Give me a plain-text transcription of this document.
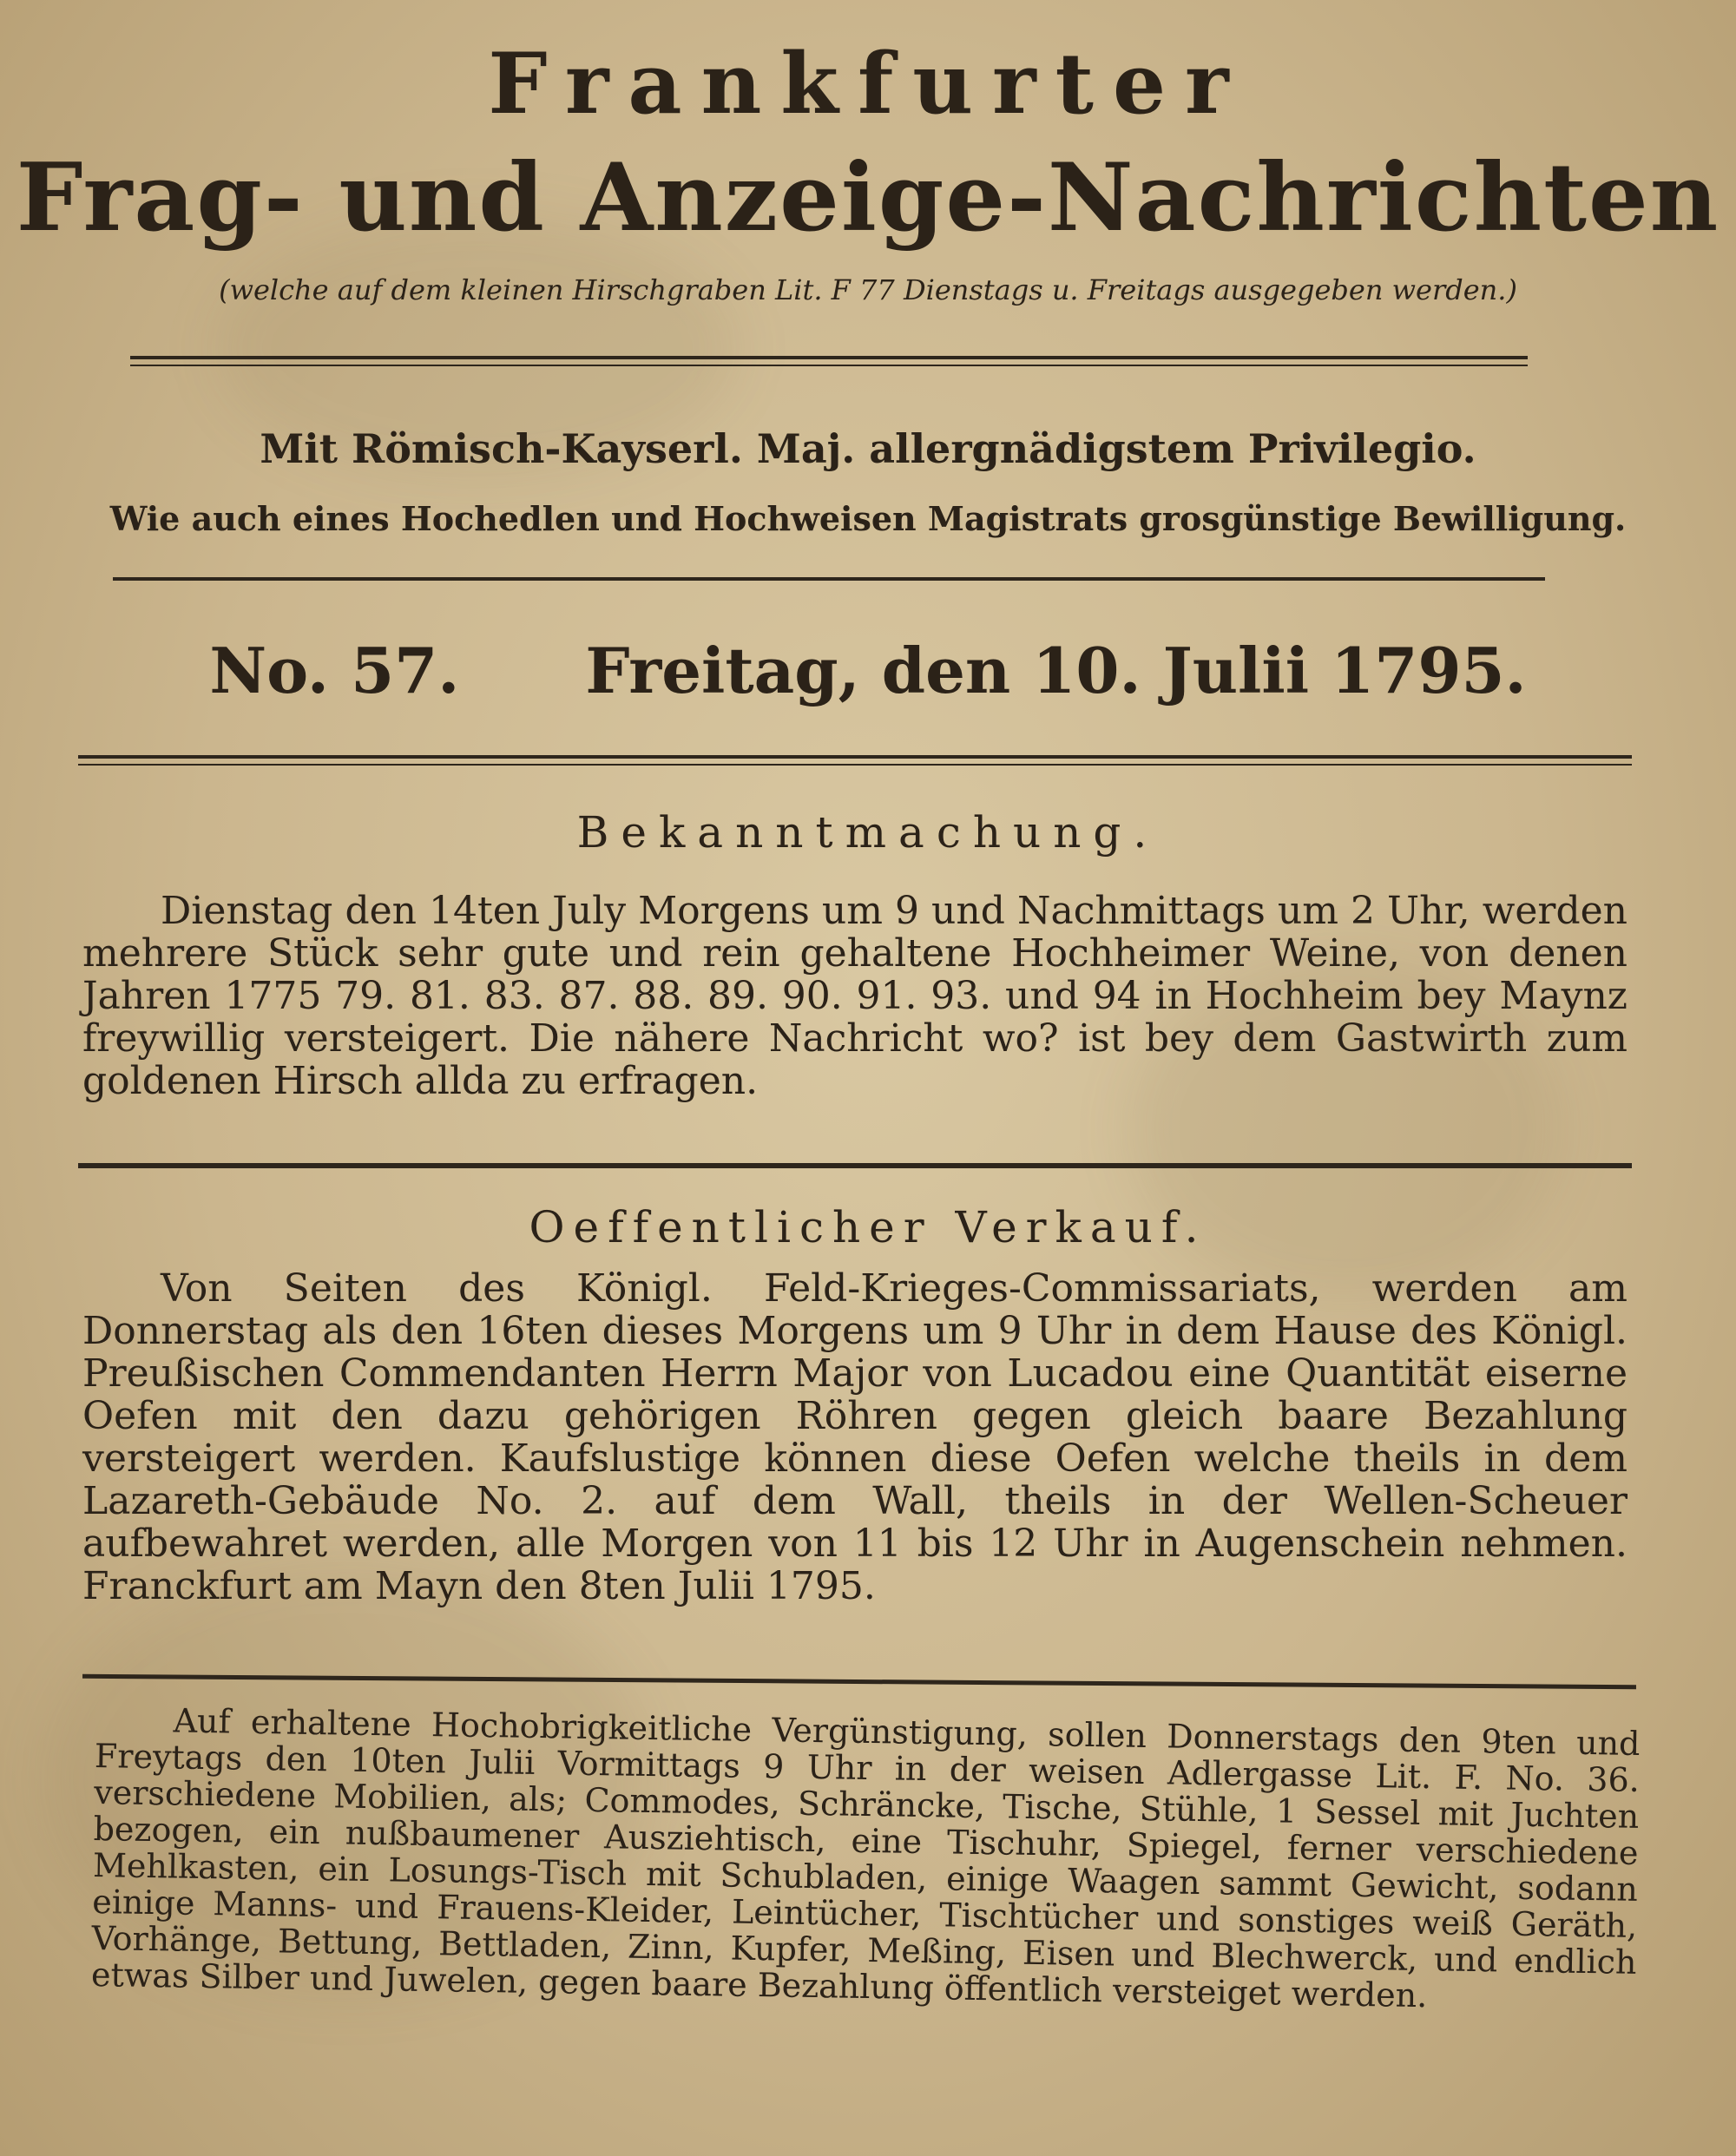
Frankfurter
Frag- und Anzeige-Nachrichten
(welche auf dem kleinen Hirschgraben Lit. F 77 Dienstags u. Freitags ausgegeben werden.)
Mit Römisch-Kayserl. Maj. allergnädigstem Privilegio.
Wie auch eines Hochedlen und Hochweisen Magistrats grosgünstige Bewilligung.
No. 57. Freitag, den 10. Julii 1795.
Bekanntmachung.

Dienstag den 14ten July Morgens um 9 und Nachmittags um 2 Uhr, werden mehrere Stück sehr gute und rein gehaltene Hochheimer Weine, von denen Jahren 1775 79. 81. 83. 87. 88. 89. 90. 91. 93. und 94 in Hochheim bey Maynz freywillig versteigert. Die nähere Nachricht wo? ist bey dem Gastwirth zum goldenen Hirsch allda zu erfragen.

Oeffentlicher Verkauf.

Von Seiten des Königl. Feld-Krieges-Commissariats, werden am Donnerstag als den 16ten dieses Morgens um 9 Uhr in dem Hause des Königl. Preußischen Commendanten Herrn Major von Lucadou eine Quantität eiserne Oefen mit den dazu gehörigen Röhren gegen gleich baare Bezahlung versteigert werden. Kaufslustige können diese Oefen welche theils in dem Lazareth-Gebäude No. 2. auf dem Wall, theils in der Wellen-Scheuer aufbewahret werden, alle Morgen von 11 bis 12 Uhr in Augenschein nehmen. Franckfurt am Mayn den 8ten Julii 1795.

Auf erhaltene Hochobrigkeitliche Vergünstigung, sollen Donnerstags den 9ten und Freytags den 10ten Julii Vormittags 9 Uhr in der weisen Adlergasse Lit. F. No. 36. verschiedene Mobilien, als; Commodes, Schräncke, Tische, Stühle, 1 Sessel mit Juchten bezogen, ein nußbaumener Ausziehtisch, eine Tischuhr, Spiegel, ferner verschiedene Mehlkasten, ein Losungs-Tisch mit Schubladen, einige Waagen sammt Gewicht, sodann einige Manns- und Frauens-Kleider, Leintücher, Tischtücher und sonstiges weiß Geräth, Vorhänge, Bettung, Bettladen, Zinn, Kupfer, Meßing, Eisen und Blechwerck, und endlich etwas Silber und Juwelen, gegen baare Bezahlung öffentlich versteiget werden.
